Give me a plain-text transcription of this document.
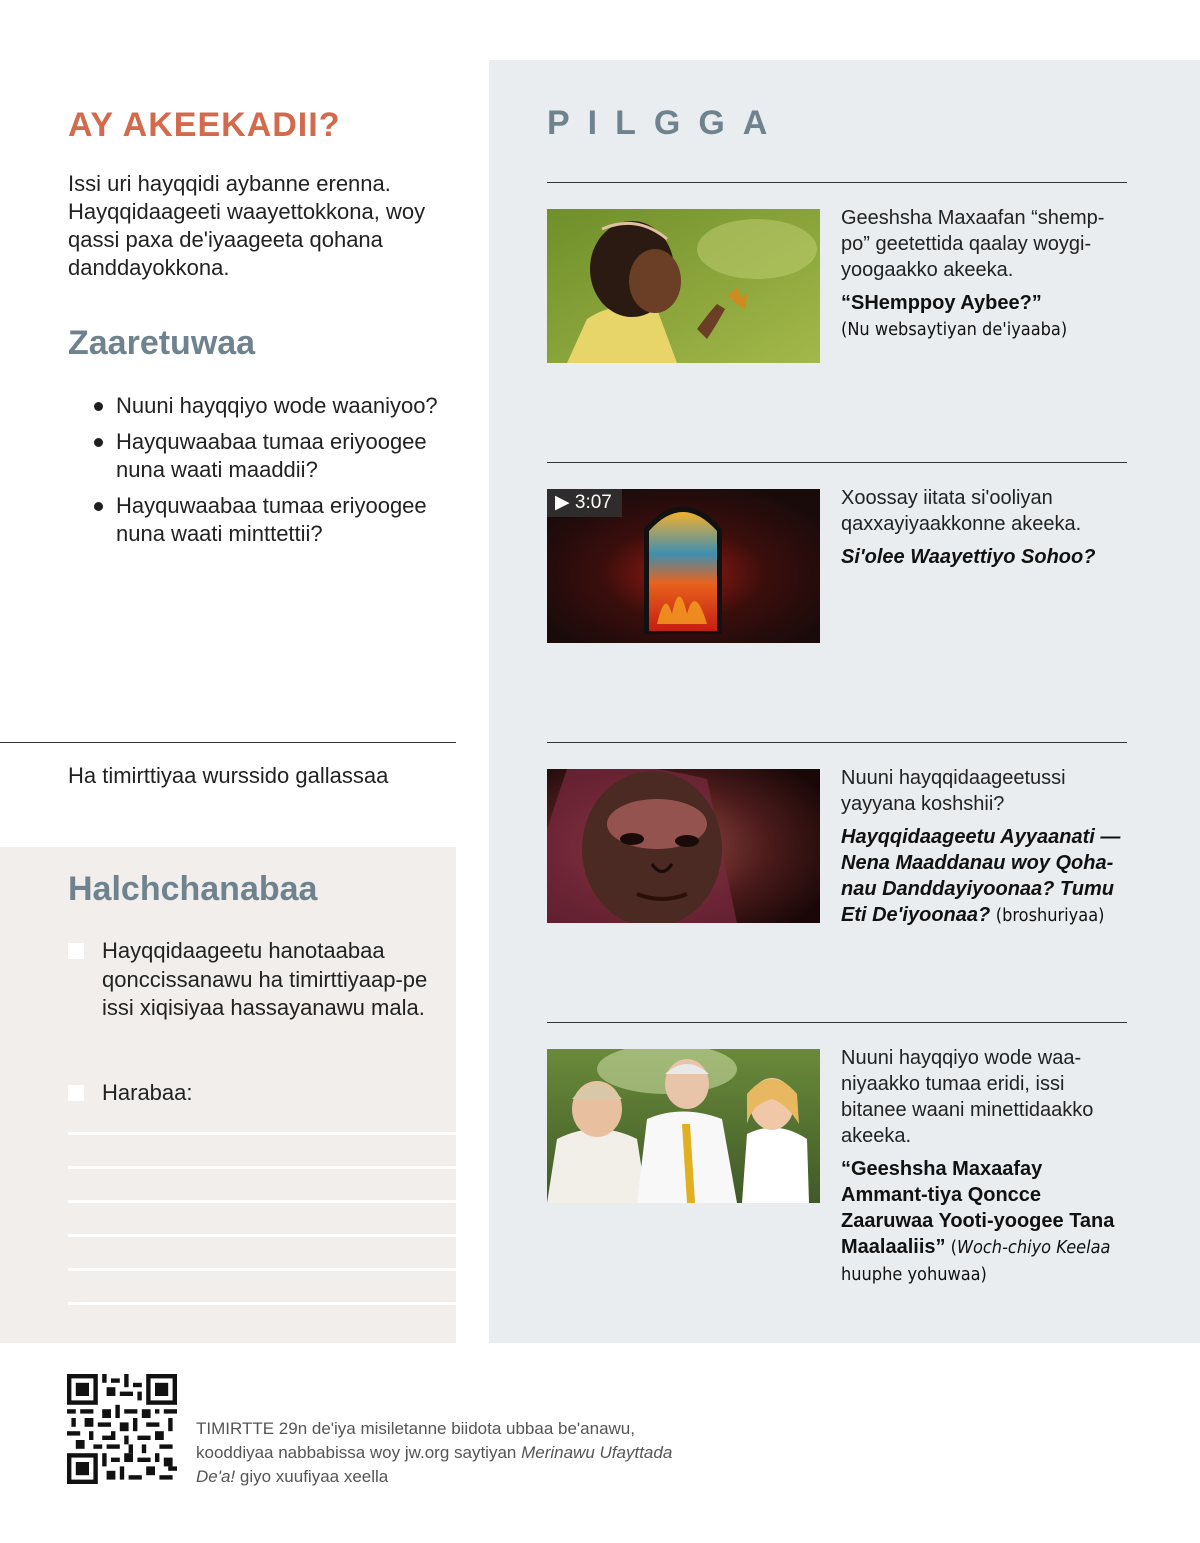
AY AKEEKADII?

Issi uri hayqqidi aybanne erenna. Hayqqidaageeti waayettokkona, woy qassi paxa de'iyaageeta qohana danddayokkona.

Zaaretuwaa
Nuuni hayqqiyo wode waaniyoo?
Hayquwaabaa tumaa eriyoogee nuna waati maaddii?
Hayquwaabaa tumaa eriyoogee nuna waati minttettii?

Ha timirttiyaa wurssido gallassaa

Halchchanabaa
Hayqqidaageetu hanotaabaa qonccissanawu ha timirttiyaap-pe issi xiqisiyaa hassayanawu mala.
Harabaa:
PILGGA

Geeshsha Maxaafan “shemp-po” geetettida qaalay woygi-yoogaakko akeeka.

“SHemppoy Aybee?”
(Nu websaytiyan de'iyaaba)

▶ 3:07	Xoossay iitata si'ooliyan qaxxayiyaakkonne akeeka.

Si'olee Waayettiyo Sohoo?

Nuuni hayqqidaageetussi yayyana koshshii?

Hayqqidaageetu Ayyaanati —Nena Maaddanau woy Qoha-nau Danddayiyoonaa? Tumu Eti De'iyoonaa? (broshuriyaa)

Nuuni hayqqiyo wode waa-niyaakko tumaa eridi, issi bitanee waani minettidaakko akeeka.

“Geeshsha Maxaafay Ammant-tiya Qoncce Zaaruwaa Yooti-yoogee Tana Maalaaliis” (Woch-chiyo Keelaa huuphe yohuwaa)

TIMIRTTE 29n de'iya misiletanne biidota ubbaa be'anawu, kooddiyaa nabbabissa woy jw.org saytiyan Merinawu Ufayttada De'a! giyo xuufiyaa xeella
